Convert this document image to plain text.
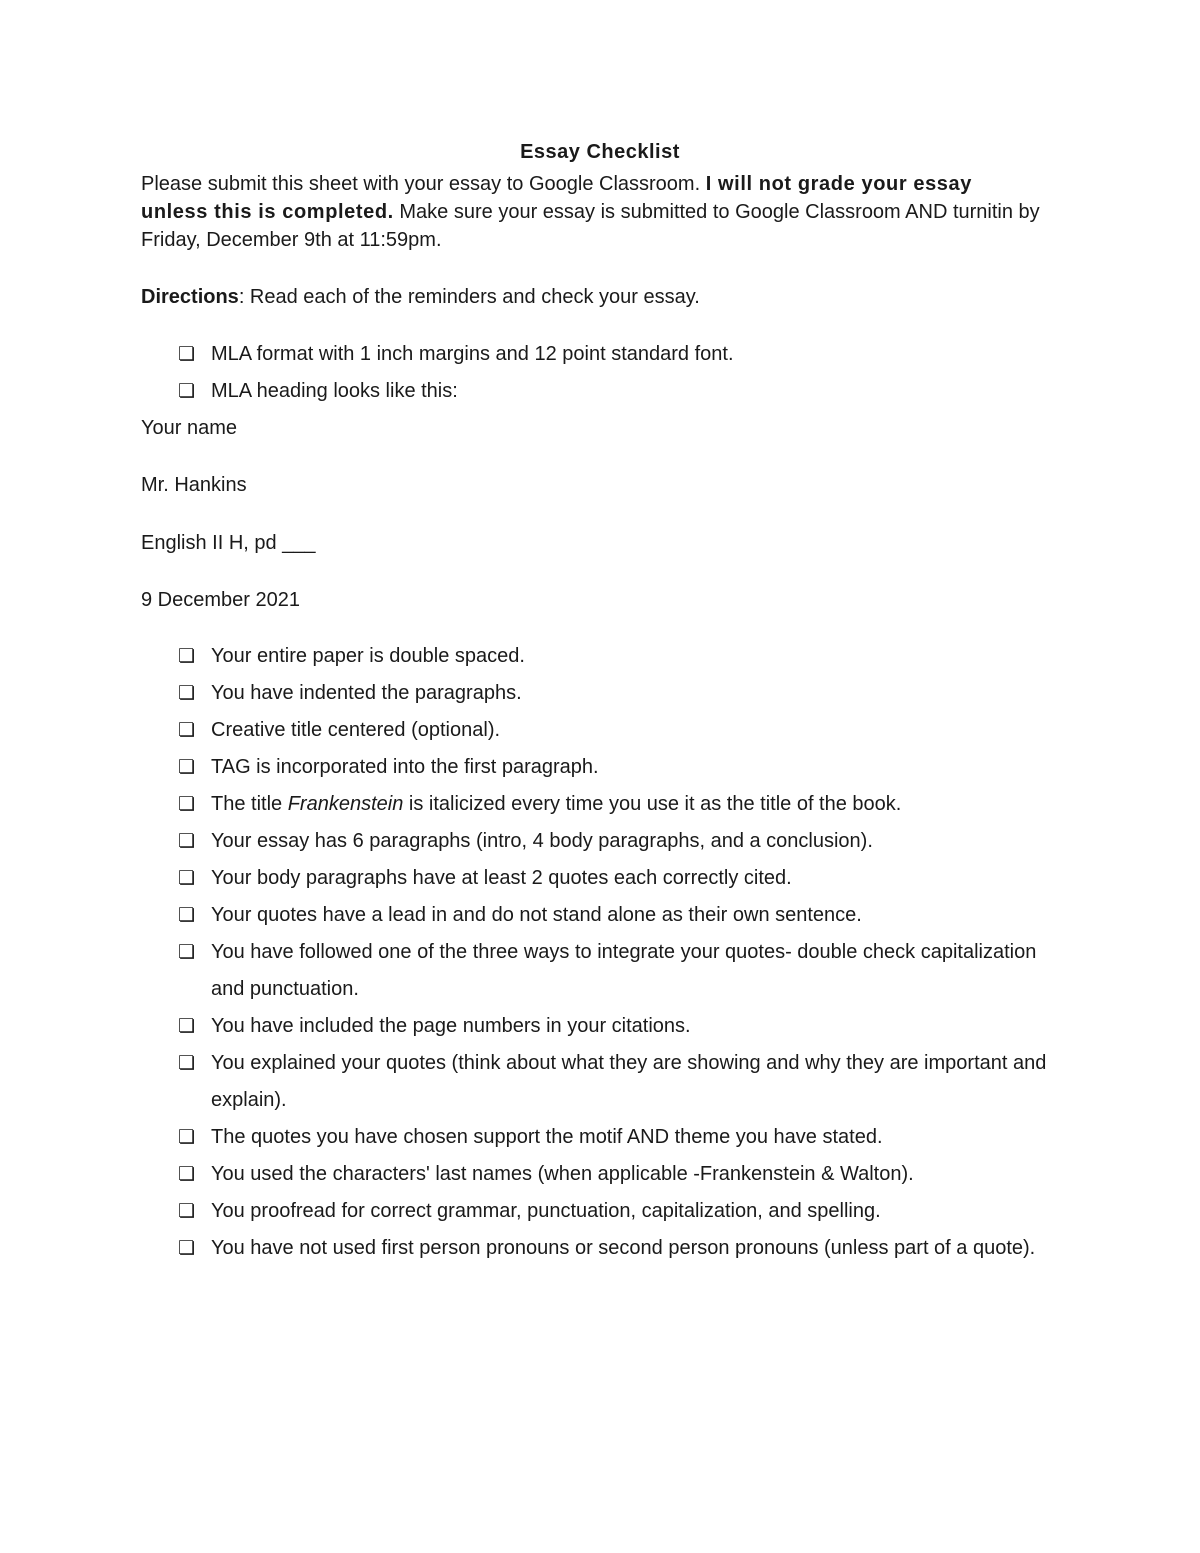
Essay Checklist
Please submit this sheet with your essay to Google Classroom. I will not grade your essay unless this is completed. Make sure your essay is submitted to Google Classroom AND turnitin by Friday, December 9th at 11:59pm.
Directions: Read each of the reminders and check your essay.
❏ MLA format with 1 inch margins and 12 point standard font.
❏ MLA heading looks like this:
Your name
Mr. Hankins
English II H, pd ___
9 December 2021
❏ Your entire paper is double spaced.
❏ You have indented the paragraphs.
❏ Creative title centered (optional).
❏ TAG is incorporated into the first paragraph.
❏ The title Frankenstein is italicized every time you use it as the title of the book.
❏ Your essay has 6 paragraphs (intro, 4 body paragraphs, and a conclusion).
❏ Your body paragraphs have at least 2 quotes each correctly cited.
❏ Your quotes have a lead in and do not stand alone as their own sentence.
❏ You have followed one of the three ways to integrate your quotes- double check capitalization and punctuation.
❏ You have included the page numbers in your citations.
❏ You explained your quotes (think about what they are showing and why they are important and explain).
❏ The quotes you have chosen support the motif AND theme you have stated.
❏ You used the characters' last names (when applicable -Frankenstein & Walton).
❏ You proofread for correct grammar, punctuation, capitalization, and spelling.
❏ You have not used first person pronouns or second person pronouns (unless part of a quote).
